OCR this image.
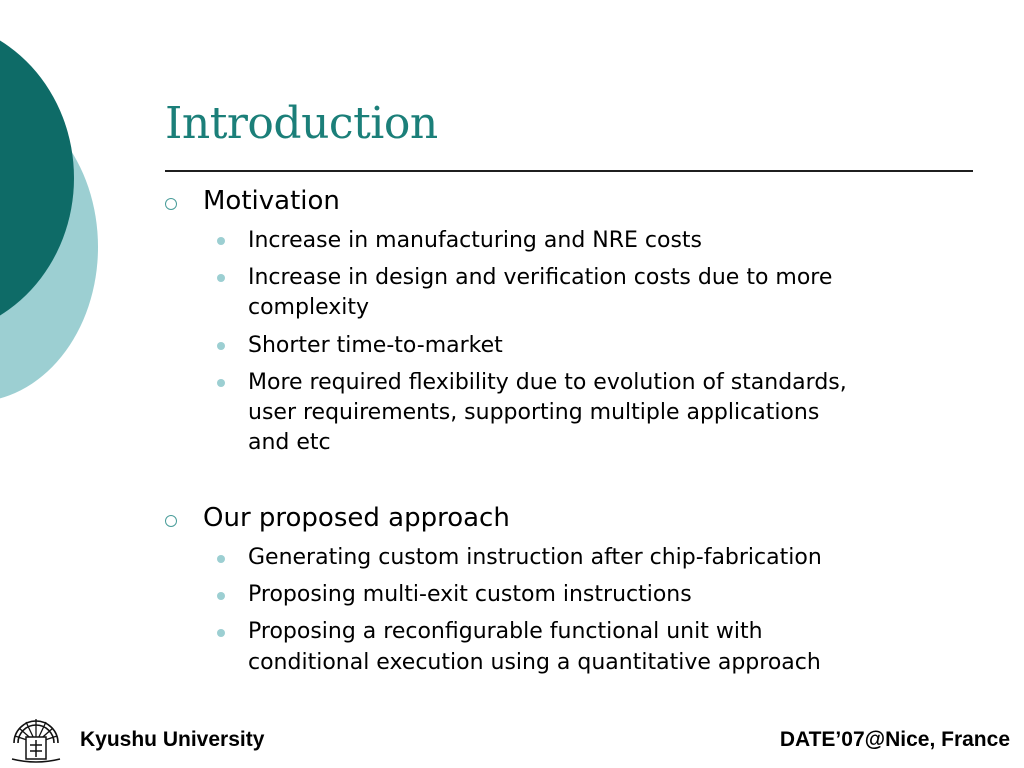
Introduction
Motivation
Increase in manufacturing and NRE costs
Increase in design and verification costs due to more
complexity
Shorter time-to-market
More required flexibility due to evolution of standards,
user requirements, supporting multiple applications
and etc
Our proposed approach
Generating custom instruction after chip-fabrication
Proposing multi-exit custom instructions
Proposing a reconfigurable functional unit with
conditional execution using a quantitative approach
Kyushu University	DATE’07@Nice, France
